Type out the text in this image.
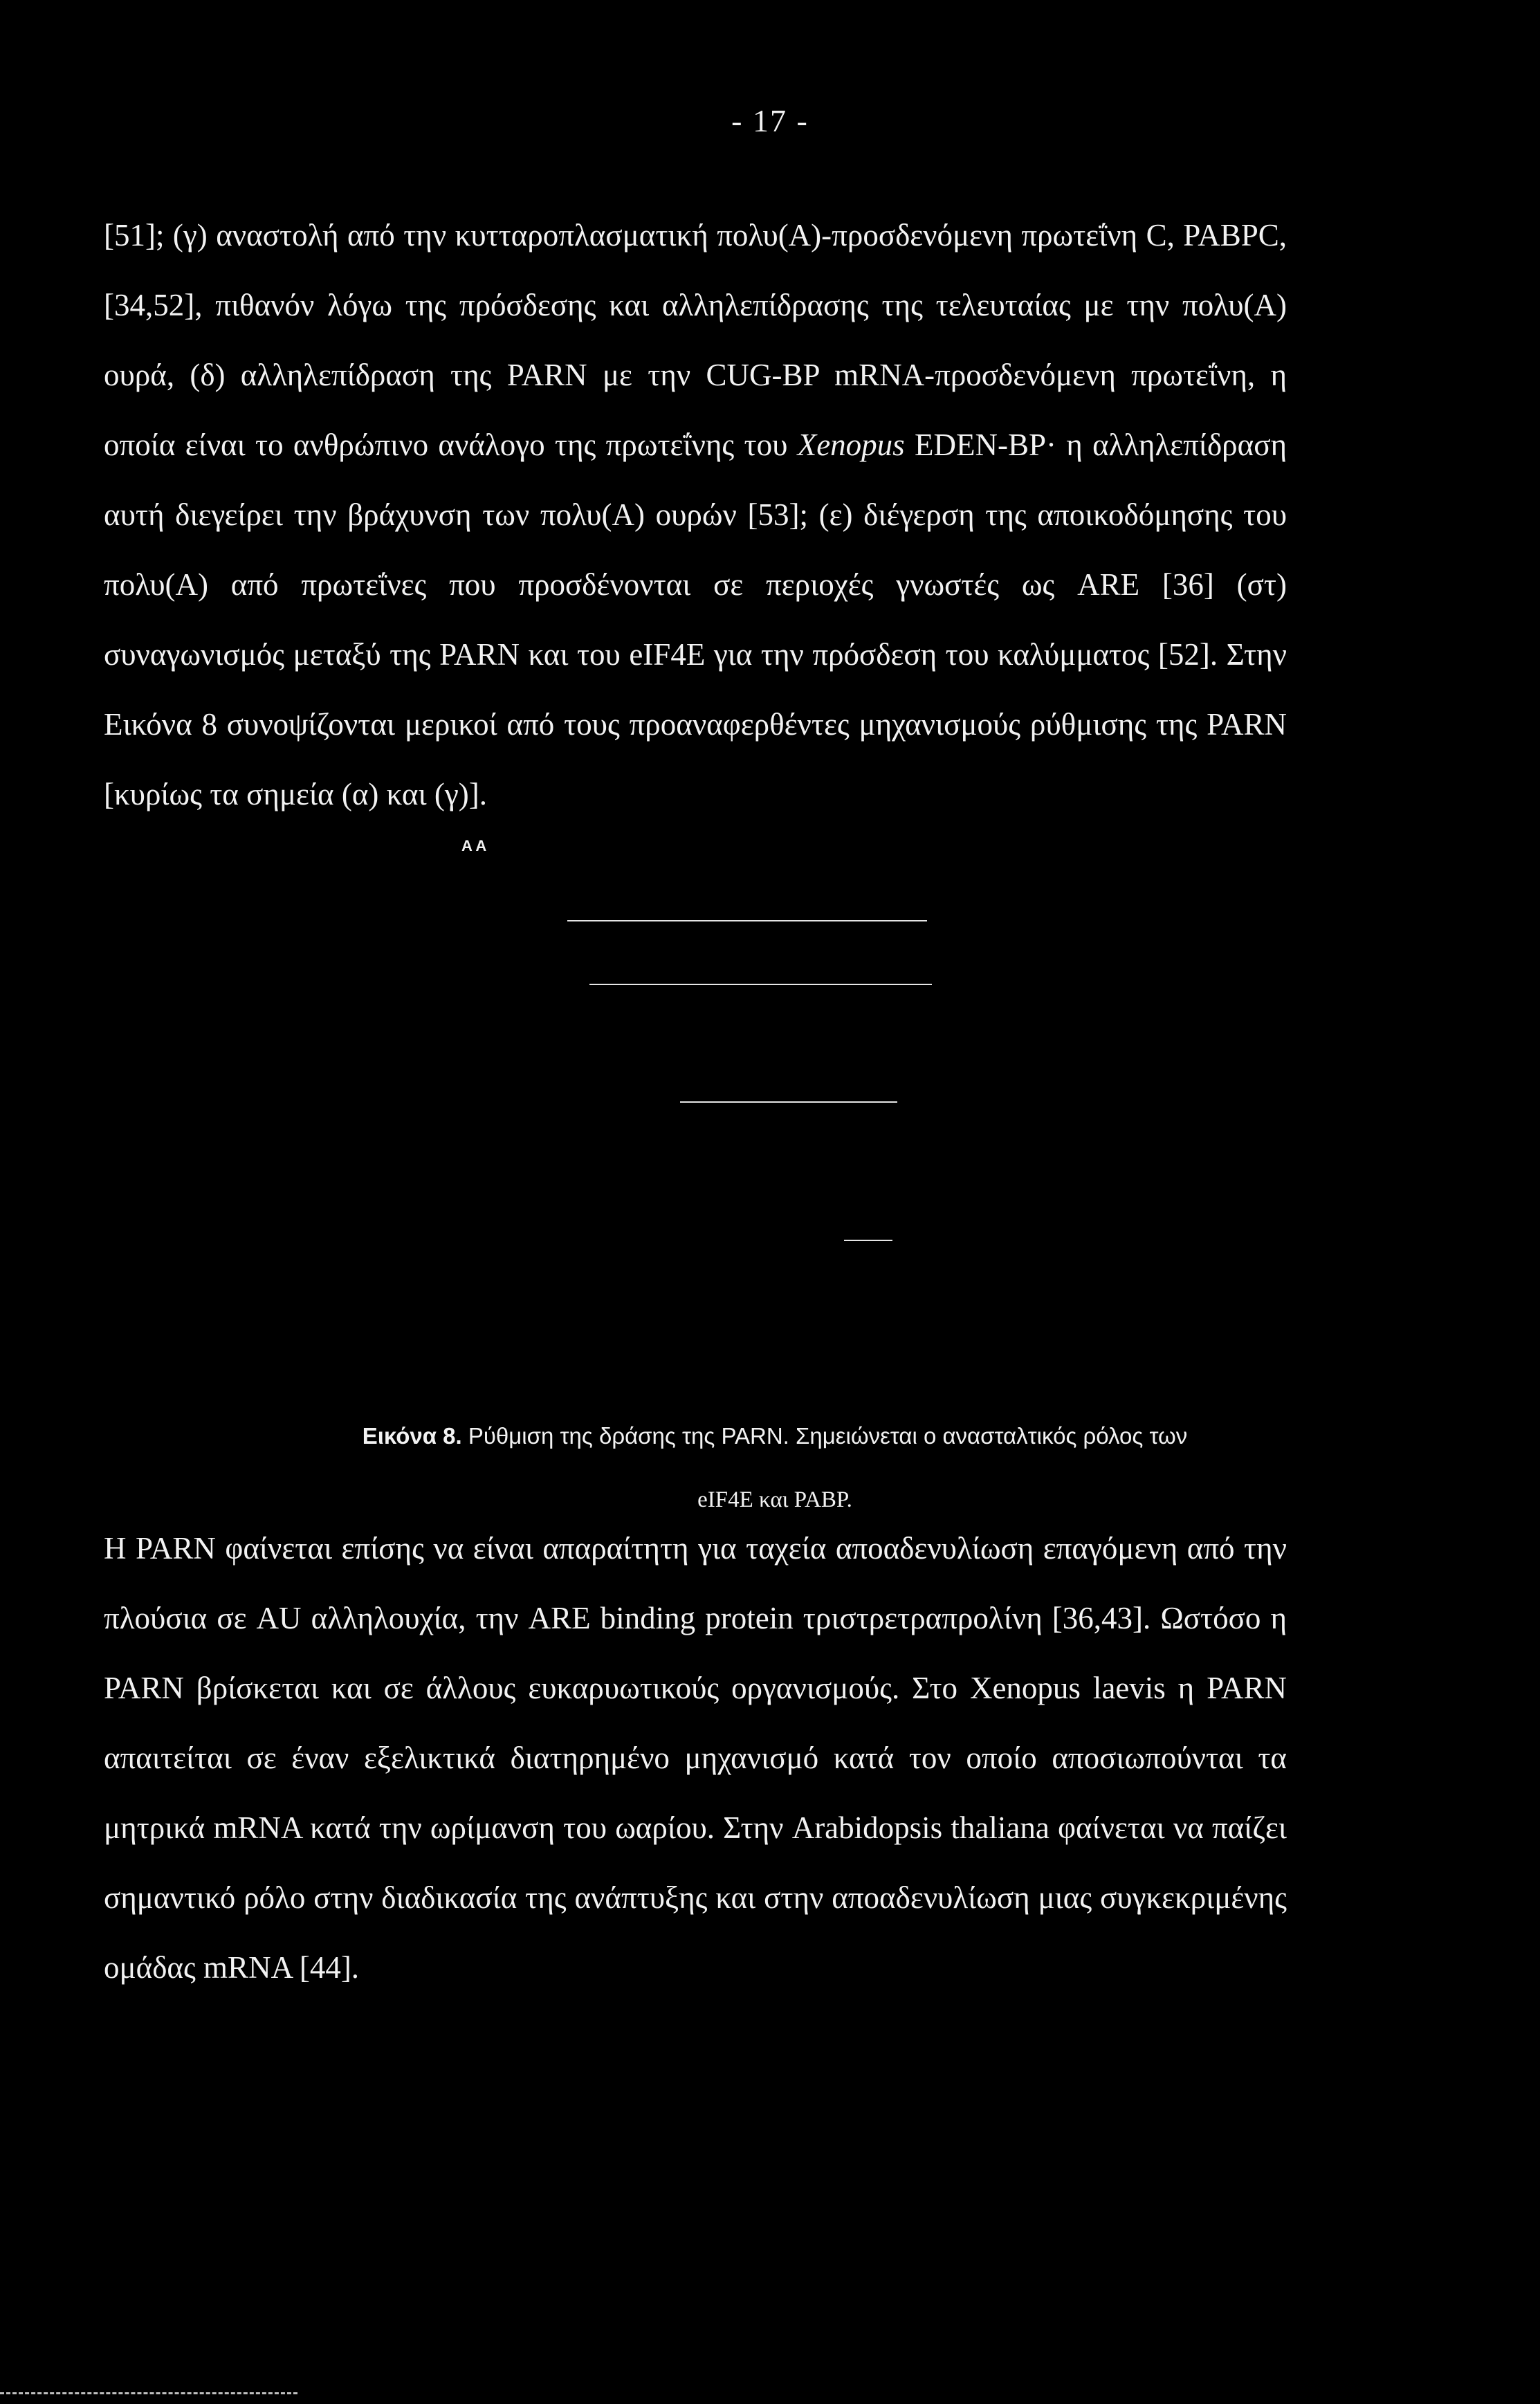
- 17 -
[51]; (γ) αναστολή από την κυτταροπλασματική πολυ(Α)-προσδενόμενη πρωτεΐνη C, PABPC, [34,52], πιθανόν λόγω της πρόσδεσης και αλληλεπίδρασης της τελευταίας με την πολυ(Α) ουρά, (δ) αλληλεπίδραση της PARN με την CUG-BP mRNA-προσδενόμενη πρωτεΐνη, η οποία είναι το ανθρώπινο ανάλογο της πρωτεΐνης του Xenopus EDEN-BP· η αλληλεπίδραση αυτή διεγείρει την βράχυνση των πολυ(Α) ουρών [53]; (ε) διέγερση της αποικοδόμησης του πολυ(Α) από πρωτεΐνες που προσδένονται σε περιοχές γνωστές ως ARE [36] (στ) συναγωνισμός μεταξύ της PARN και του eIF4E για την πρόσδεση του καλύμματος [52]. Στην Εικόνα 8 συνοψίζονται μερικοί από τους προαναφερθέντες μηχανισμούς ρύθμισης της PARN [κυρίως τα σημεία (α) και (γ)].
A A
Εικόνα 8. Ρύθμιση της δράσης της PARN. Σημειώνεται ο ανασταλτικός ρόλος των
eIF4E και PABP.
Η PARN φαίνεται επίσης να είναι απαραίτητη για ταχεία αποαδενυλίωση επαγόμενη από την πλούσια σε AU αλληλουχία, την ARE binding protein τριστρετραπρολίνη [36,43]. Ωστόσο η PARN βρίσκεται και σε άλλους ευκαρυωτικούς οργανισμούς. Στο Xenopus laevis η PARN απαιτείται σε έναν εξελικτικά διατηρημένο μηχανισμό κατά τον οποίο αποσιωπούνται τα μητρικά mRNA κατά την ωρίμανση του ωαρίου. Στην Arabidopsis thaliana φαίνεται να παίζει σημαντικό ρόλο στην διαδικασία της ανάπτυξης και στην αποαδενυλίωση μιας συγκεκριμένης ομάδας mRNA [44].
